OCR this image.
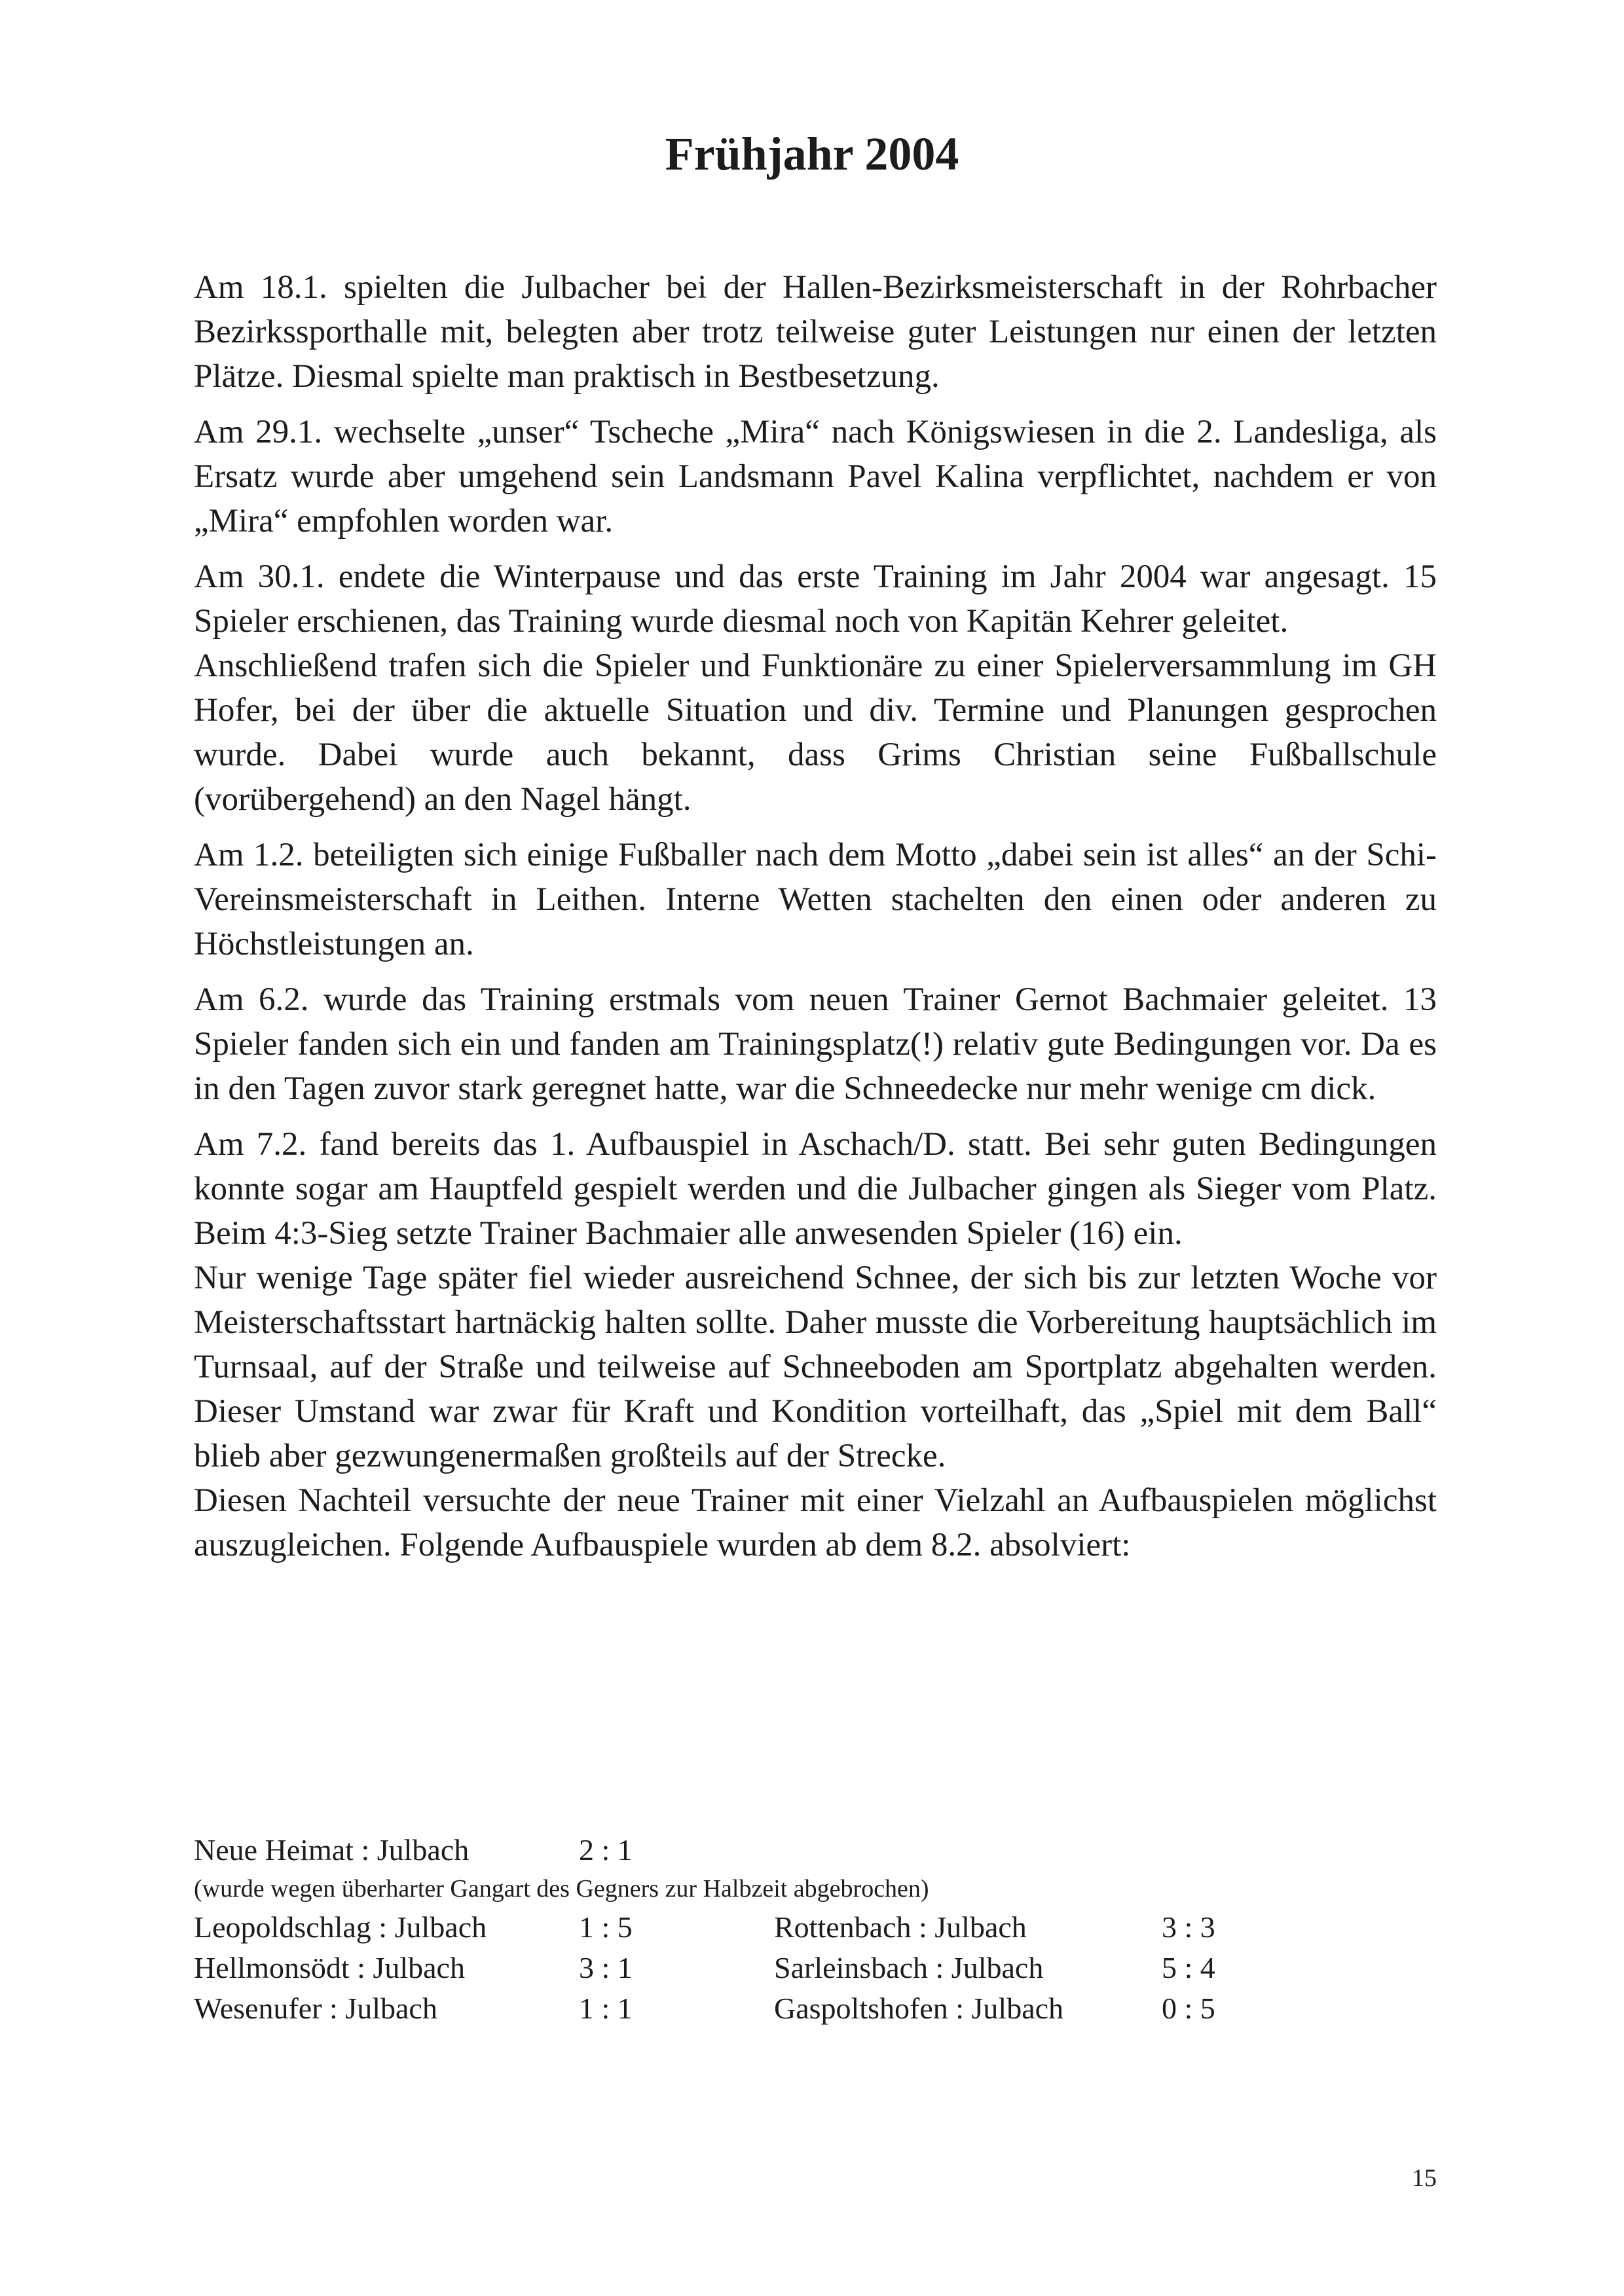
Frühjahr 2004

Am 18.1. spielten die Julbacher bei der Hallen-Bezirksmeisterschaft in der Rohrbacher Bezirkssporthalle mit, belegten aber trotz teilweise guter Leistungen nur einen der letzten Plätze. Diesmal spielte man praktisch in Bestbesetzung.

Am 29.1. wechselte „unser“ Tscheche „Mira“ nach Königswiesen in die 2. Landesliga, als Ersatz wurde aber umgehend sein Landsmann Pavel Kalina verpflichtet, nachdem er von „Mira“ empfohlen worden war.

Am 30.1. endete die Winterpause und das erste Training im Jahr 2004 war angesagt. 15 Spieler erschienen, das Training wurde diesmal noch von Kapitän Kehrer geleitet.

Anschließend trafen sich die Spieler und Funktionäre zu einer Spielerversammlung im GH Hofer, bei der über die aktuelle Situation und div. Termine und Planungen gesprochen wurde. Dabei wurde auch bekannt, dass Grims Christian seine Fußballschule (vorübergehend) an den Nagel hängt.

Am 1.2. beteiligten sich einige Fußballer nach dem Motto „dabei sein ist alles“ an der Schi-Vereinsmeisterschaft in Leithen. Interne Wetten stachelten den einen oder anderen zu Höchstleistungen an.

Am 6.2. wurde das Training erstmals vom neuen Trainer Gernot Bachmaier geleitet. 13 Spieler fanden sich ein und fanden am Trainingsplatz(!) relativ gute Bedingungen vor. Da es in den Tagen zuvor stark geregnet hatte, war die Schneedecke nur mehr wenige cm dick.

Am 7.2. fand bereits das 1. Aufbauspiel in Aschach/D. statt. Bei sehr guten Bedingungen konnte sogar am Hauptfeld gespielt werden und die Julbacher gingen als Sieger vom Platz. Beim 4:3-Sieg setzte Trainer Bachmaier alle anwesenden Spieler (16) ein.

Nur wenige Tage später fiel wieder ausreichend Schnee, der sich bis zur letzten Woche vor Meisterschaftsstart hartnäckig halten sollte. Daher musste die Vorbereitung hauptsächlich im Turnsaal, auf der Straße und teilweise auf Schneeboden am Sportplatz abgehalten werden. Dieser Umstand war zwar für Kraft und Kondition vorteilhaft, das „Spiel mit dem Ball“ blieb aber gezwungenermaßen großteils auf der Strecke.

Diesen Nachteil versuchte der neue Trainer mit einer Vielzahl an Aufbauspielen möglichst auszugleichen. Folgende Aufbauspiele wurden ab dem 8.2. absolviert:

Neue Heimat : Julbach	2 : 1
(wurde wegen überharter Gangart des Gegners zur Halbzeit abgebrochen)
Leopoldschlag : Julbach	1 : 5	Rottenbach : Julbach	3 : 3
Hellmonsödt : Julbach	3 : 1	Sarleinsbach : Julbach	5 : 4
Wesenufer : Julbach	1 : 1	Gaspoltshofen : Julbach	0 : 5
15
